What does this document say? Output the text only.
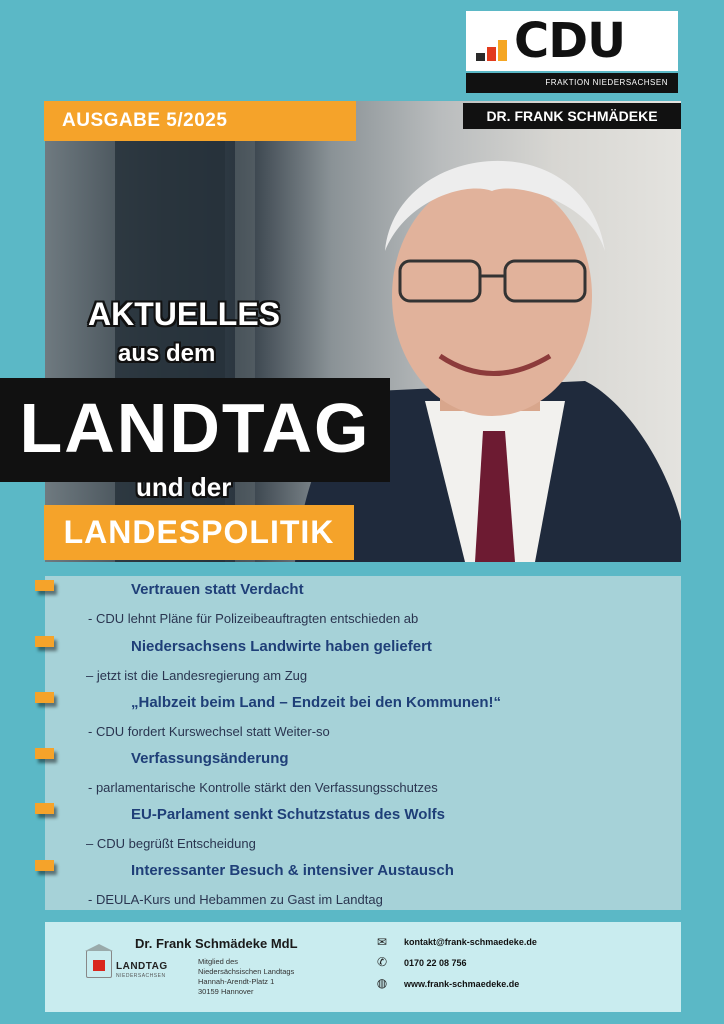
CDU
FRAKTION NIEDERSACHSEN
DR. FRANK SCHMÄDEKE
AUSGABE 5/2025
AKTUELLES
aus dem
LANDTAG
und der
LANDESPOLITIK
Vertrauen statt Verdacht
- CDU lehnt Pläne für Polizeibeauftragten entschieden ab
Niedersachsens Landwirte haben geliefert
– jetzt ist die Landesregierung am Zug
„Halbzeit beim Land – Endzeit bei den Kommunen!“
- CDU fordert Kurswechsel statt Weiter-so
Verfassungsänderung
- parlamentarische Kontrolle stärkt den Verfassungsschutzes
EU-Parlament senkt Schutzstatus des Wolfs
– CDU begrüßt Entscheidung
Interessanter Besuch & intensiver Austausch
- DEULA-Kurs und Hebammen zu Gast im Landtag
Dr. Frank Schmädeke MdL
LANDTAG
NIEDERSACHSEN
Mitglied des
Niedersächsischen Landtags
Hannah-Arendt-Platz 1
30159 Hannover
✉ kontakt@frank-schmaedeke.de
✆ 0170 22 08 756
◍ www.frank-schmaedeke.de
